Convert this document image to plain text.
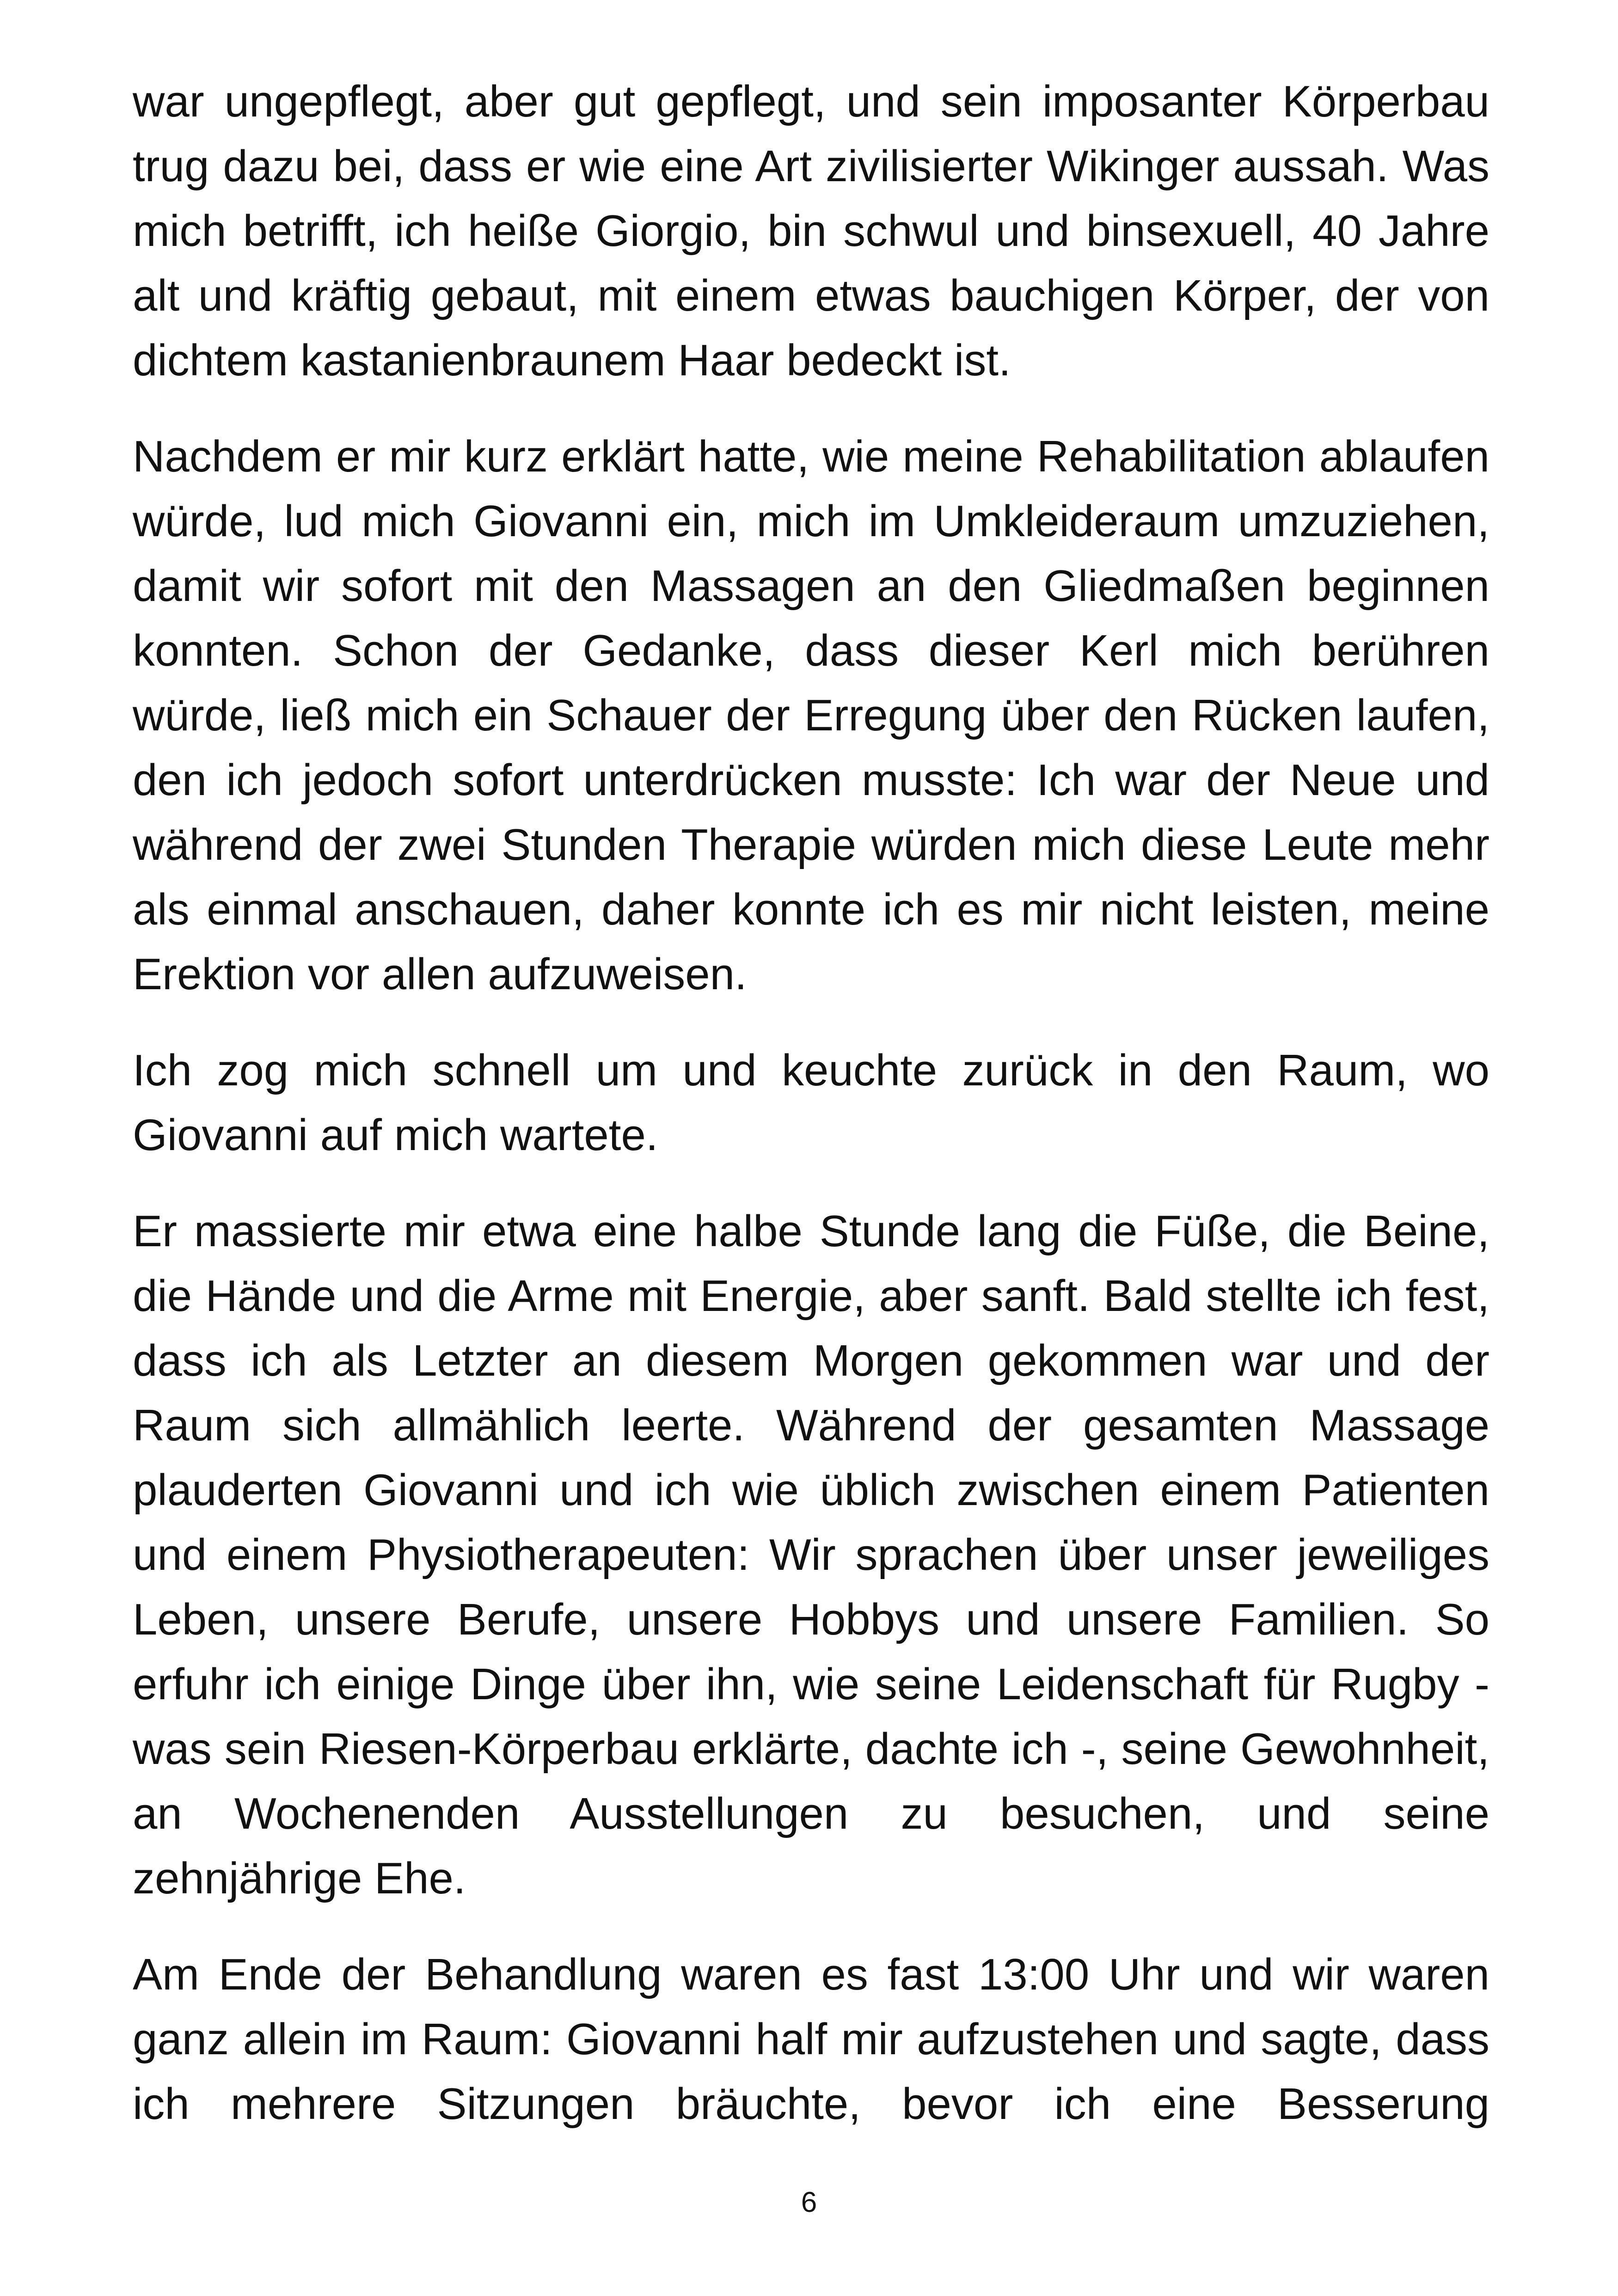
war ungepflegt, aber gut gepflegt, und sein imposanter Körperbau trug dazu bei, dass er wie eine Art zivilisierter Wikinger aussah. Was mich betrifft, ich heiße Giorgio, bin schwul und binsexuell, 40 Jahre alt und kräftig gebaut, mit einem etwas bauchigen Körper, der von dichtem kastanienbraunem Haar bedeckt ist.

Nachdem er mir kurz erklärt hatte, wie meine Rehabilitation ablaufen würde, lud mich Giovanni ein, mich im Umkleideraum umzuziehen, damit wir sofort mit den Massagen an den Gliedmaßen beginnen konnten. Schon der Gedanke, dass dieser Kerl mich berühren würde, ließ mich ein Schauer der Erregung über den Rücken laufen, den ich jedoch sofort unterdrücken musste: Ich war der Neue und während der zwei Stunden Therapie würden mich diese Leute mehr als einmal anschauen, daher konnte ich es mir nicht leisten, meine Erektion vor allen aufzuweisen.

Ich zog mich schnell um und keuchte zurück in den Raum, wo Giovanni auf mich wartete.

Er massierte mir etwa eine halbe Stunde lang die Füße, die Beine, die Hände und die Arme mit Energie, aber sanft. Bald stellte ich fest, dass ich als Letzter an diesem Morgen gekommen war und der Raum sich allmählich leerte. Während der gesamten Massage plauderten Giovanni und ich wie üblich zwischen einem Patienten und einem Physiotherapeuten: Wir sprachen über unser jeweiliges Leben, unsere Berufe, unsere Hobbys und unsere Familien. So erfuhr ich einige Dinge über ihn, wie seine Leidenschaft für Rugby - was sein Riesen-Körperbau erklärte, dachte ich -, seine Gewohnheit, an Wochenenden Ausstellungen zu besuchen, und seine zehnjährige Ehe.

Am Ende der Behandlung waren es fast 13:00 Uhr und wir waren ganz allein im Raum: Giovanni half mir aufzustehen und sagte, dass ich mehrere Sitzungen bräuchte, bevor ich eine Besserung

6
